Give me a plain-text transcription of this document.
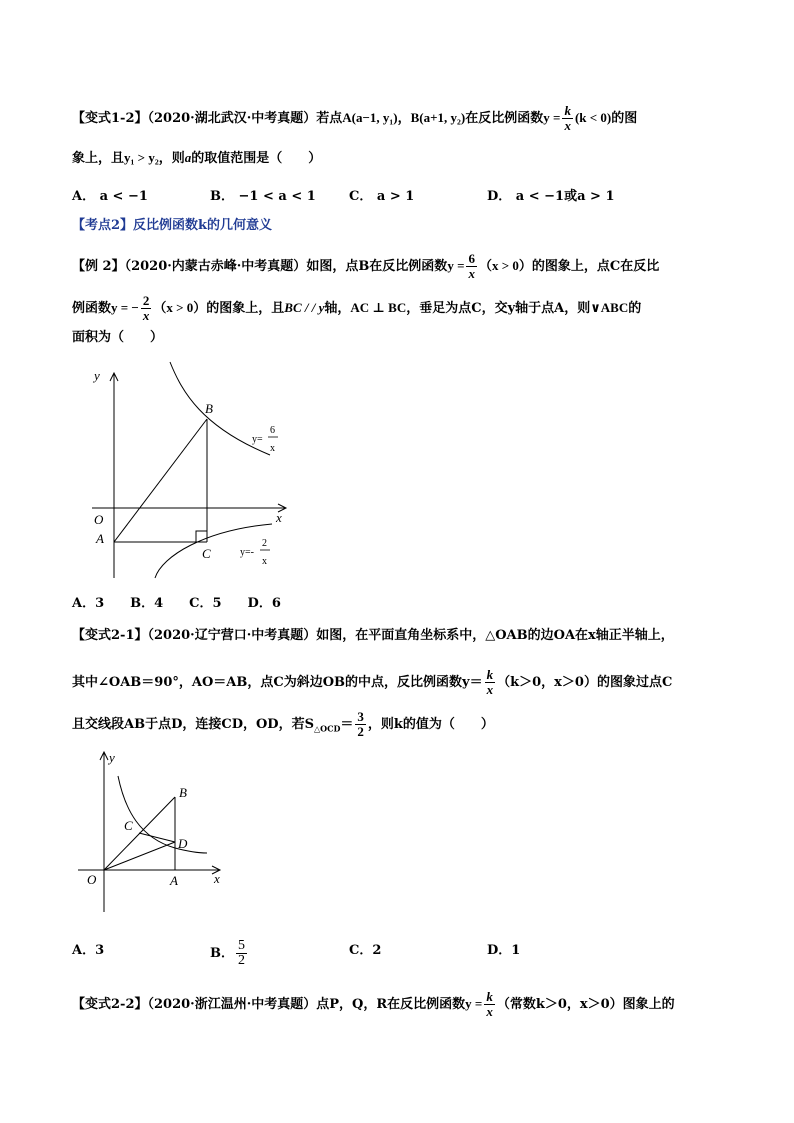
【变式1-2】（2020·湖北武汉·中考真题）若点A(a−1, y₁)，B(a+1, y₂)在反比例函数$y = \frac{k}{x} (k < 0)$的图
象上，且y₁ > y₂，则a的取值范围是（　　）
A． a < −1	B． −1 < a < 1	C． a > 1	D． a < −1或a > 1
【考点2】反比例函数k的几何意义
【例 2】（2020·内蒙古赤峰·中考真题）如图，点B在反比例函数$y = \frac{6}{x} (x > 0)$的图象上，点C在反比
例函数y = − $\frac{2}{x} (x > 0)$的图象上，且BC / / y轴，AC ⊥ BC，垂足为点C，交y轴于点A，则∨ABC的
面积为（　　）
y
x
O
A
B
C
y=
6
x
y=-
2
x
A．3　　B．4　　C．5　　D．6
【变式2-1】（2020·辽宁营口·中考真题）如图，在平面直角坐标系中，△OAB的边OA在x轴正半轴上，
其中∠OAB＝90°，AO＝AB，点C为斜边OB的中点，反比例函数$y= \frac{k}{x} (k>0$，x＞0）的图象过点C
且交线段AB于点D，连接CD，OD，若$S_{\triangle OCD}= \frac{3}{2}$ ，则k的值为（　　）
y
x
O	A
B
C
D
A．3	B． $\frac{5}{2}$	C．2	D．1
【变式2-2】（2020·浙江温州·中考真题）点P，Q，R在反比例函数$y = \frac{k}{x}$ （常数k＞0，x＞0）图象上的
